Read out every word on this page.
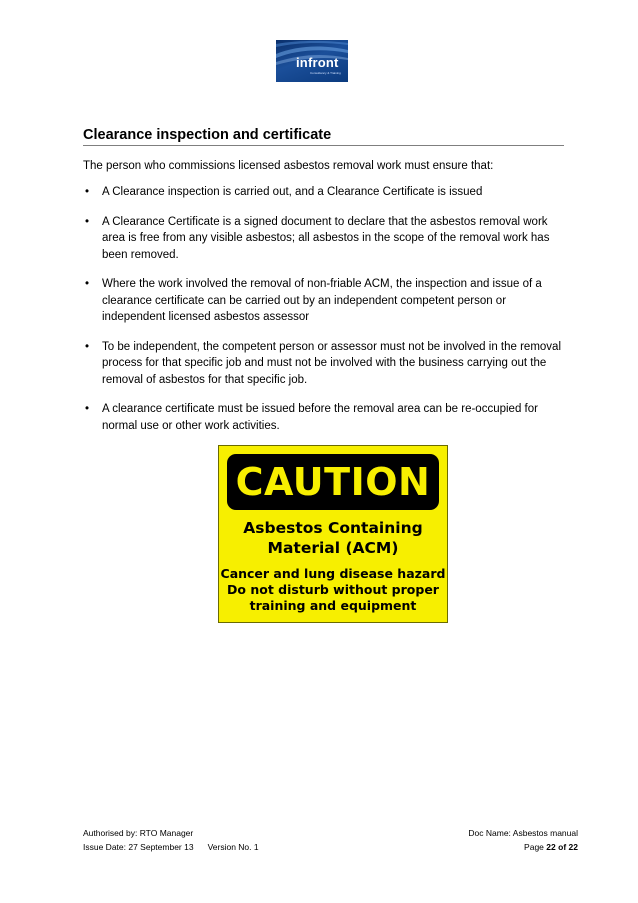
infront
Consultancy & Training
Clearance inspection and certificate
The person who commissions licensed asbestos removal work must ensure that:
• A Clearance inspection is carried out, and a Clearance Certificate is issued
• A Clearance Certificate is a signed document to declare that the asbestos removal work area is free from any visible asbestos; all asbestos in the scope of the removal work has been removed.
• Where the work involved the removal of non-friable ACM, the inspection and issue of a clearance certificate can be carried out by an independent competent person or independent licensed asbestos assessor
• To be independent, the competent person or assessor must not be involved in the removal process for that specific job and must not be involved with the business carrying out the removal of asbestos for that specific job.
• A clearance certificate must be issued before the removal area can be re-occupied for normal use or other work activities.
CAUTION
Asbestos Containing
Material (ACM)
Cancer and lung disease hazard
Do not disturb without proper
training and equipment
Authorised by: RTO Manager	Doc Name: Asbestos manual
Issue Date: 27 September 13 Version No. 1	Page 22 of 22
